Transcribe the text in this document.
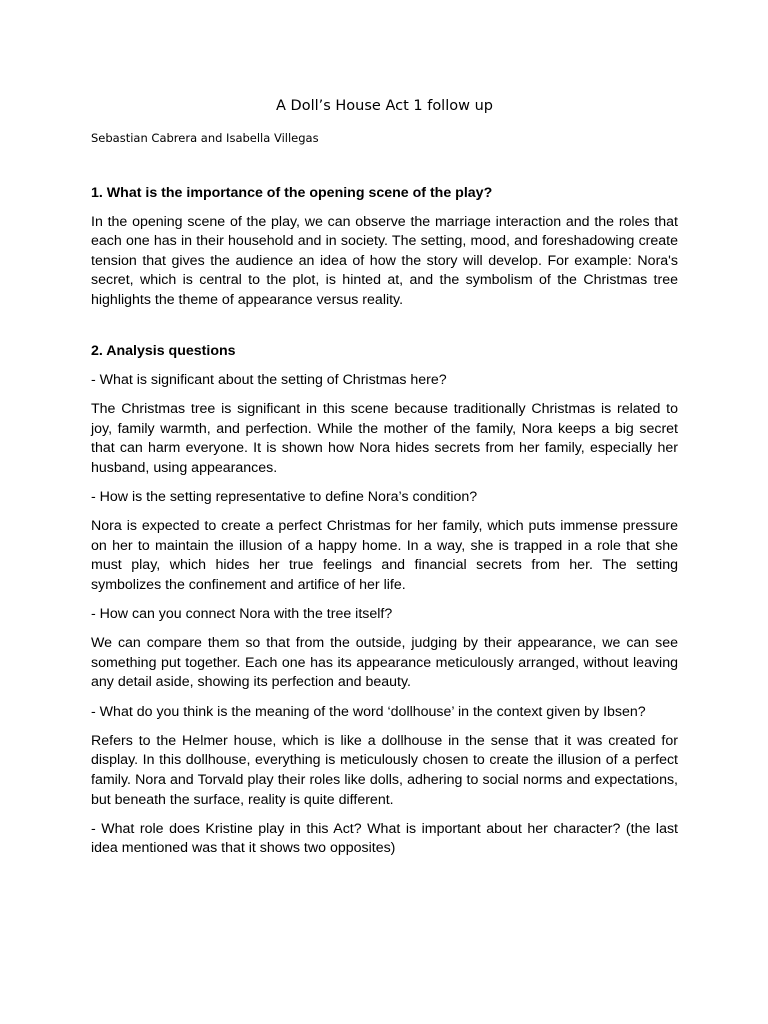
A Doll’s House Act 1 follow up

Sebastian Cabrera and Isabella Villegas

1. What is the importance of the opening scene of the play?

In the opening scene of the play, we can observe the marriage interaction and the roles that each one has in their household and in society. The setting, mood, and foreshadowing create tension that gives the audience an idea of how the story will develop. For example: Nora's secret, which is central to the plot, is hinted at, and the symbolism of the Christmas tree highlights the theme of appearance versus reality.

2. Analysis questions

- What is significant about the setting of Christmas here?

The Christmas tree is significant in this scene because traditionally Christmas is related to joy, family warmth, and perfection. While the mother of the family, Nora keeps a big secret that can harm everyone. It is shown how Nora hides secrets from her family, especially her husband, using appearances.

- How is the setting representative to define Nora’s condition?

Nora is expected to create a perfect Christmas for her family, which puts immense pressure on her to maintain the illusion of a happy home. In a way, she is trapped in a role that she must play, which hides her true feelings and financial secrets from her. The setting symbolizes the confinement and artifice of her life.

- How can you connect Nora with the tree itself?

We can compare them so that from the outside, judging by their appearance, we can see something put together. Each one has its appearance meticulously arranged, without leaving any detail aside, showing its perfection and beauty.

- What do you think is the meaning of the word ‘dollhouse’ in the context given by Ibsen?

Refers to the Helmer house, which is like a dollhouse in the sense that it was created for display. In this dollhouse, everything is meticulously chosen to create the illusion of a perfect family. Nora and Torvald play their roles like dolls, adhering to social norms and expectations, but beneath the surface, reality is quite different.

- What role does Kristine play in this Act? What is important about her character? (the last idea mentioned was that it shows two opposites)
